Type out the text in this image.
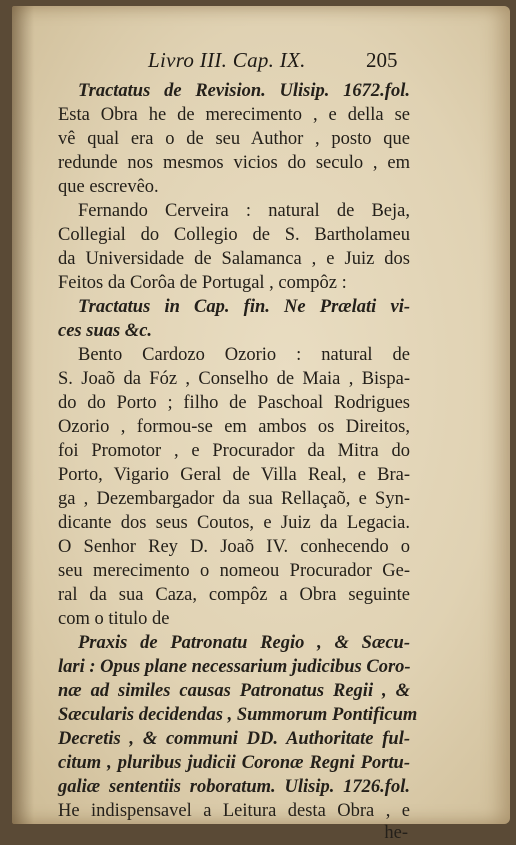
Livro III. Cap. IX.	205
Tractatus de Revision. Ulisip. 1672.fol.
Esta Obra he de merecimento , e della se
vê qual era o de seu Author , posto que
redunde nos mesmos vicios do seculo , em
que escrevêo.
Fernando Cerveira : natural de Beja,
Collegial do Collegio de S. Bartholameu
da Universidade de Salamanca , e Juiz dos
Feitos da Corôa de Portugal , compôz :
Tractatus in Cap. fin. Ne Prælati vi-
ces suas &c.
Bento Cardozo Ozorio : natural de
S. Joaõ da Fóz , Conselho de Maia , Bispa-
do do Porto ; filho de Paschoal Rodrigues
Ozorio , formou-se em ambos os Direitos,
foi Promotor , e Procurador da Mitra do
Porto, Vigario Geral de Villa Real, e Bra-
ga , Dezembargador da sua Rellaçaõ, e Syn-
dicante dos seus Coutos, e Juiz da Legacia.
O Senhor Rey D. Joaõ IV. conhecendo o
seu merecimento o nomeou Procurador Ge-
ral da sua Caza, compôz a Obra seguinte
com o titulo de
Praxis de Patronatu Regio , & Sæcu-
lari : Opus plane necessarium judicibus Coro-
næ ad similes causas Patronatus Regii , &
Sæcularis decidendas , Summorum Pontificum
Decretis , & communi DD. Authoritate ful-
citum , pluribus judicii Coronæ Regni Portu-
galiæ sententiis roboratum. Ulisip. 1726.fol.
He indispensavel a Leitura desta Obra , e
he-
